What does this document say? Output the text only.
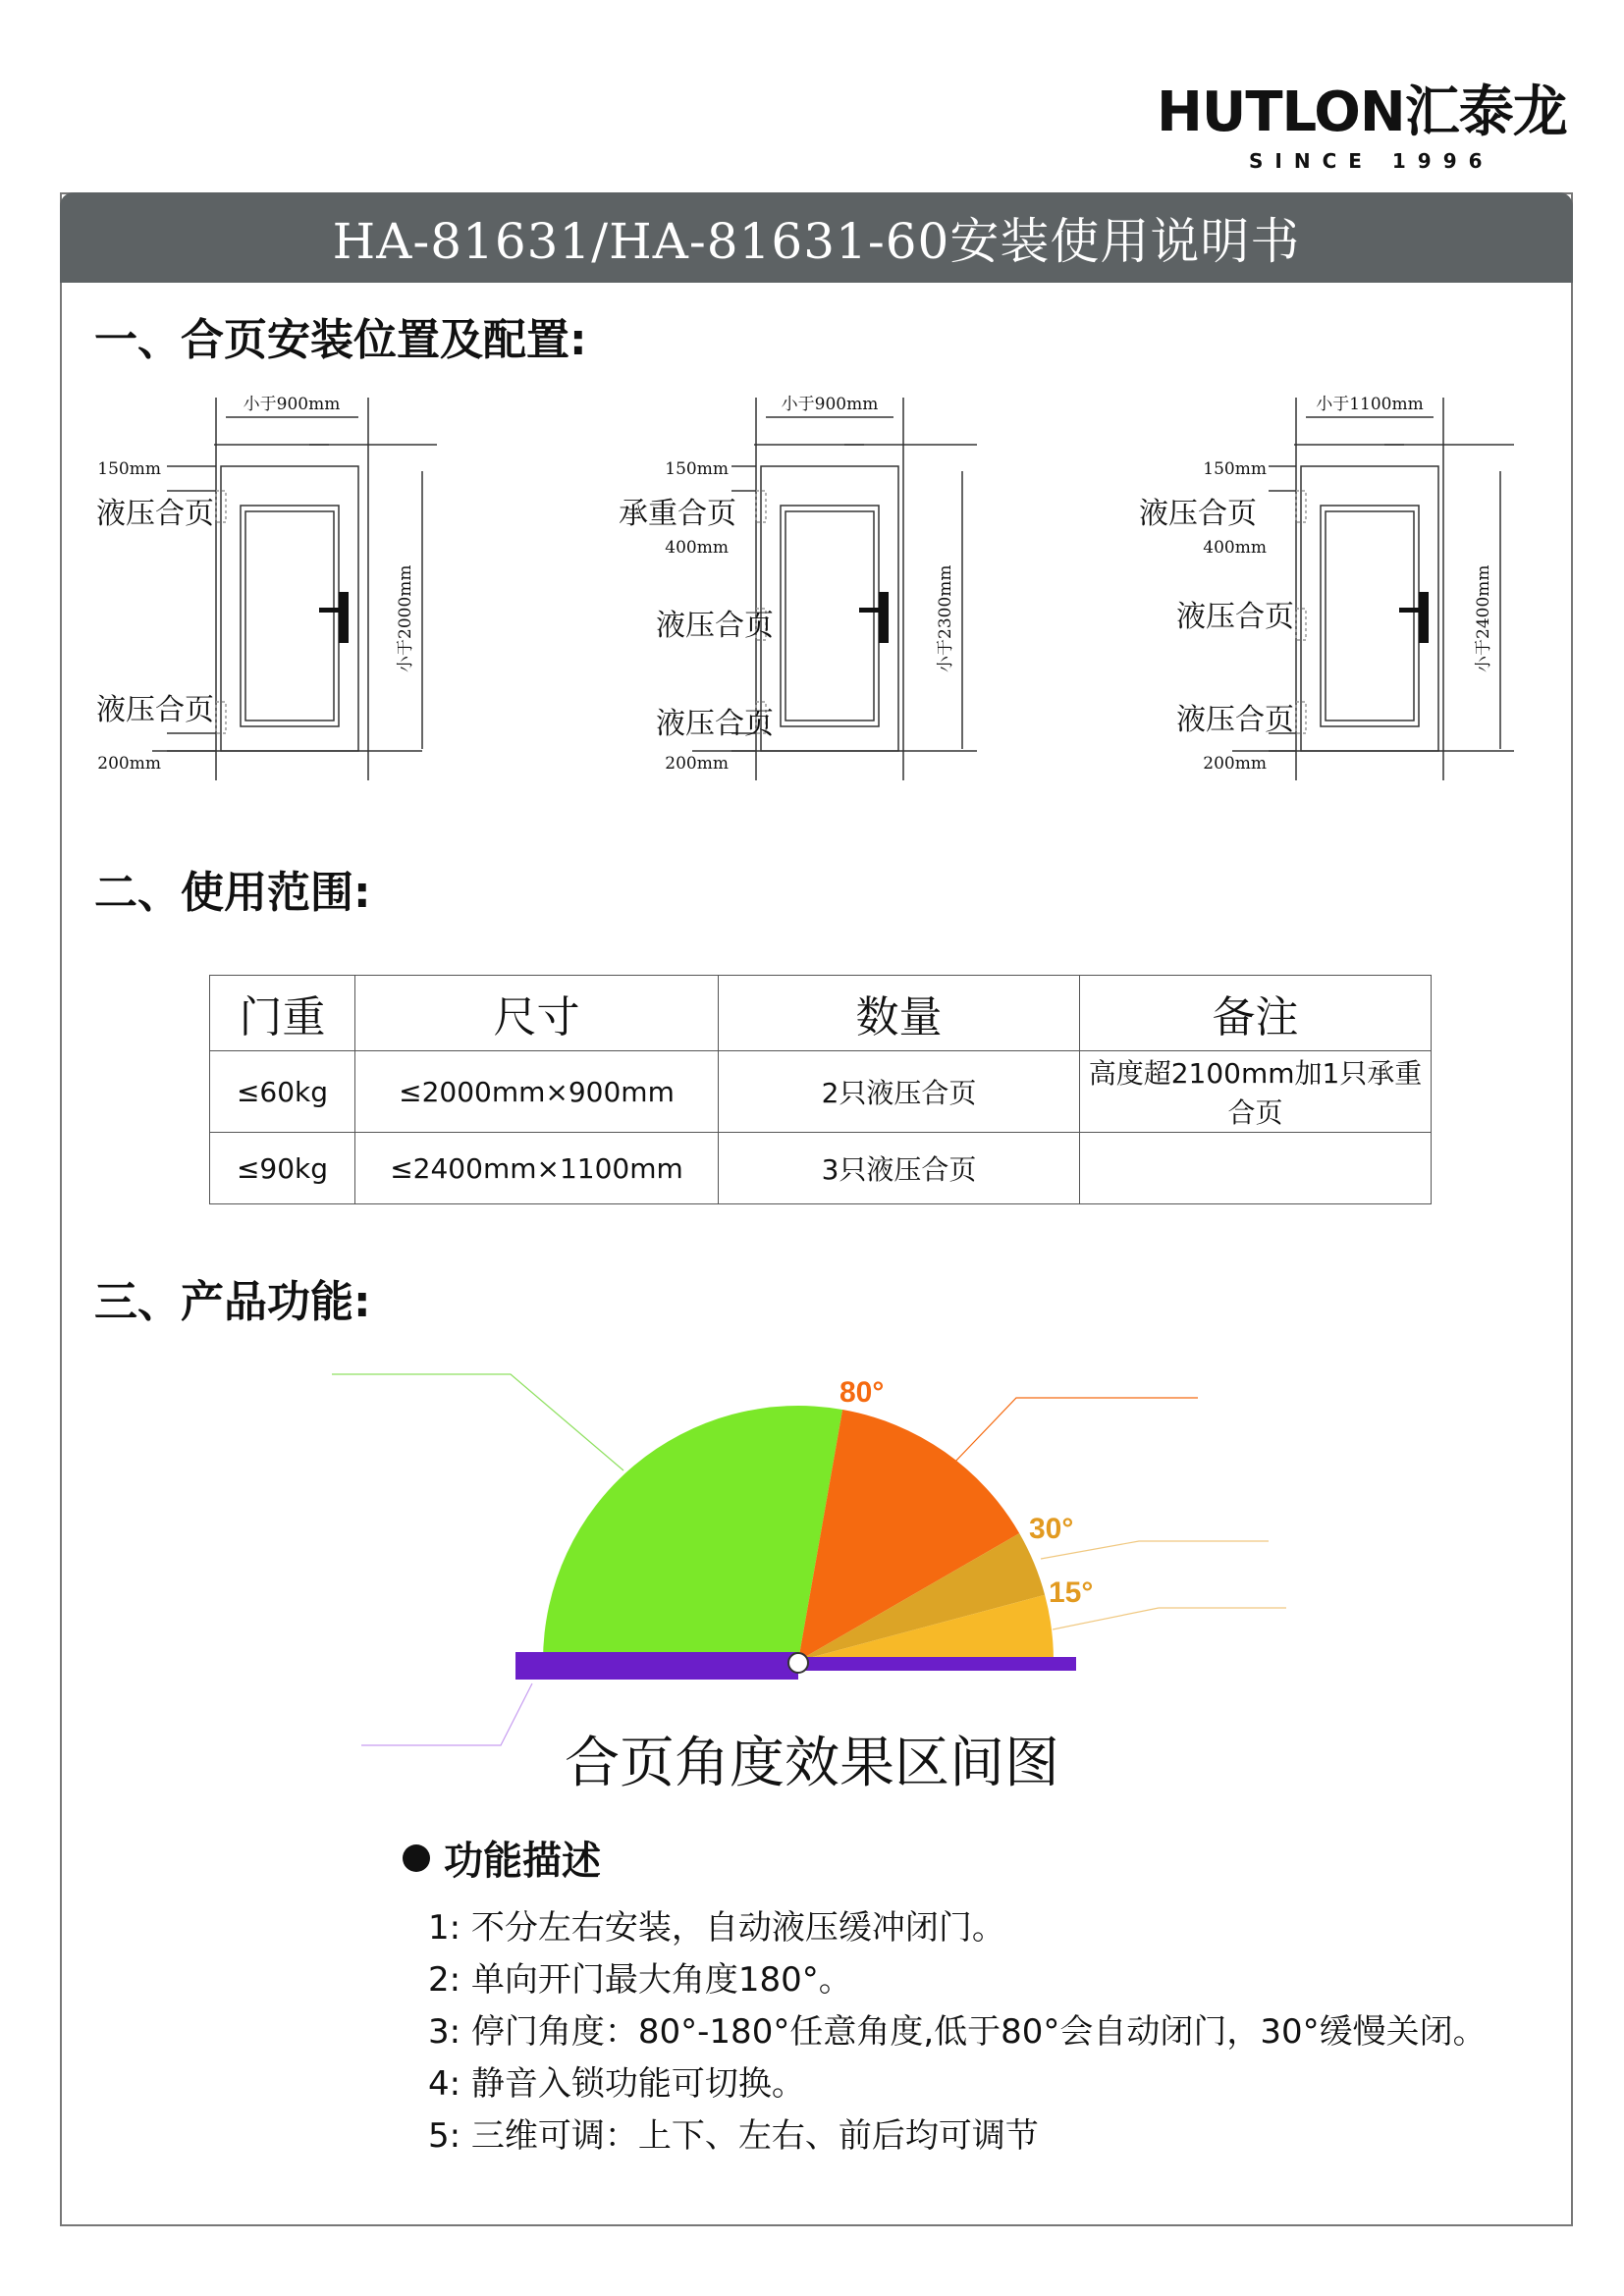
HUTLON汇泰龙
SINCE 1996
HA-81631/HA-81631-60安装使用说明书
一、合页安装位置及配置:
二、使用范围:
三、产品功能:
小于900mm
150mm
液压合页
液压合页
200mm
小于2000mm
小于900mm
150mm
承重合页
400mm
液压合页
液压合页
200mm
小于2300mm
小于1100mm
150mm
液压合页
400mm
液压合页
液压合页
200mm
小于2400mm
门重	尺寸	数量	备注
≤60kg	≤2000mm×900mm	2只液压合页	高度超2100mm加1只承重合页
≤90kg	≤2400mm×1100mm	3只液压合页	
80°
30°
15°
合页角度效果区间图
功能描述
1: 不分左右安装，自动液压缓冲闭门。
2: 单向开门最大角度180°。
3: 停门角度：80°-180°任意角度,低于80°会自动闭门，30°缓慢关闭。
4: 静音入锁功能可切换。
5: 三维可调：上下、左右、前后均可调节
